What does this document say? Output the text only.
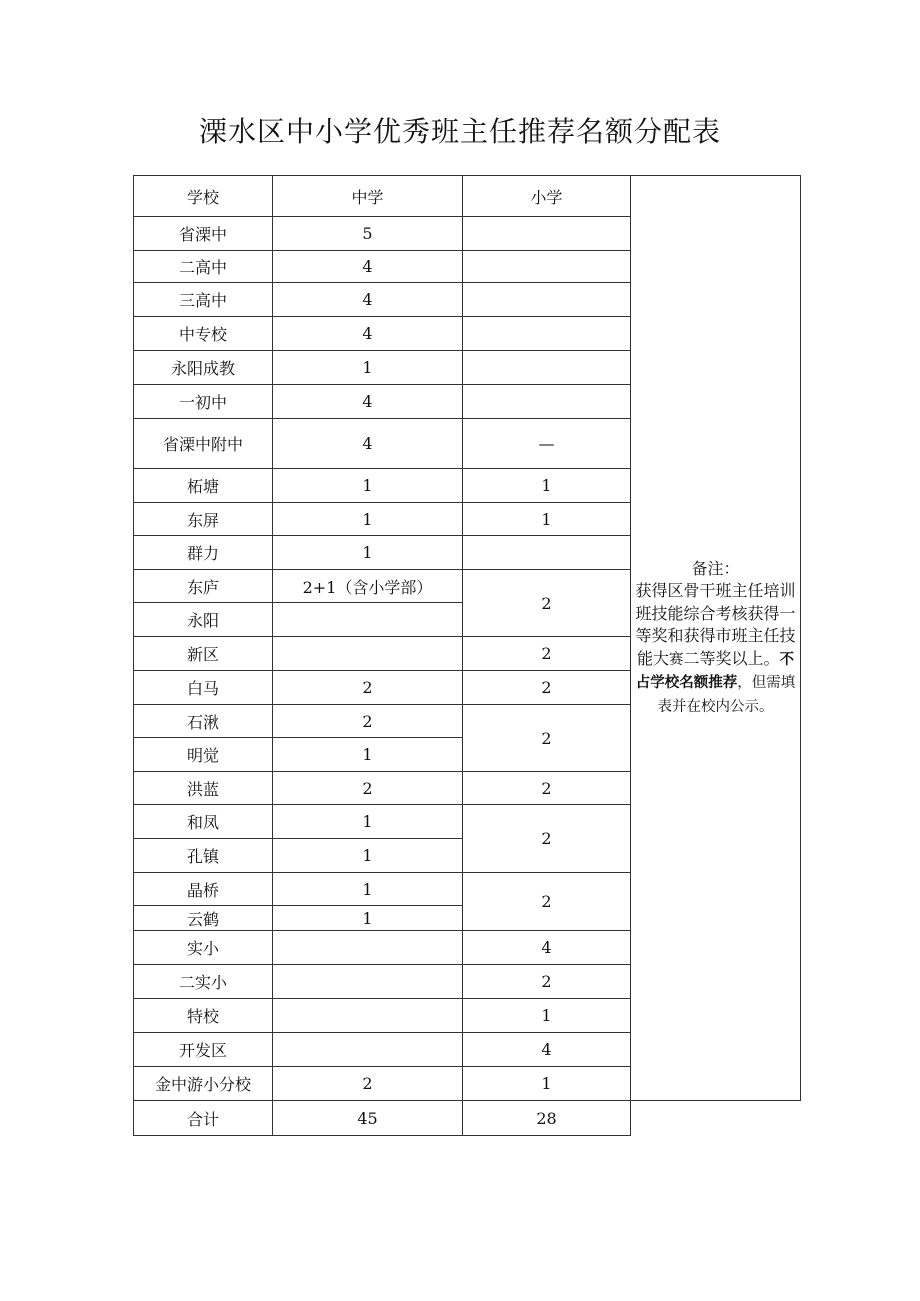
溧水区中小学优秀班主任推荐名额分配表
学校	中学	小学	备注：
获得区骨干班主任培训班技能综合考核获得一等奖和获得市班主任技能大赛二等奖以上。不占学校名额推荐，但需填表并在校内公示。
省溧中	5		
二高中	4		
三高中	4		
中专校	4		
永阳成教	1		
一初中	4		
省溧中附中	4	—	
柘塘	1	1	
东屏	1	1	
群力	1		
东庐	2+1（含小学部）	2	
永阳			
新区		2	
白马	2	2	
石湫	2	2	
明觉	1		
洪蓝	2	2	
和凤	1	2	
孔镇	1		
晶桥	1	2	
云鹤	1		
实小		4	
二实小		2	
特校		1	
开发区		4	
金中游小分校	2	1	
合计	45	28	
